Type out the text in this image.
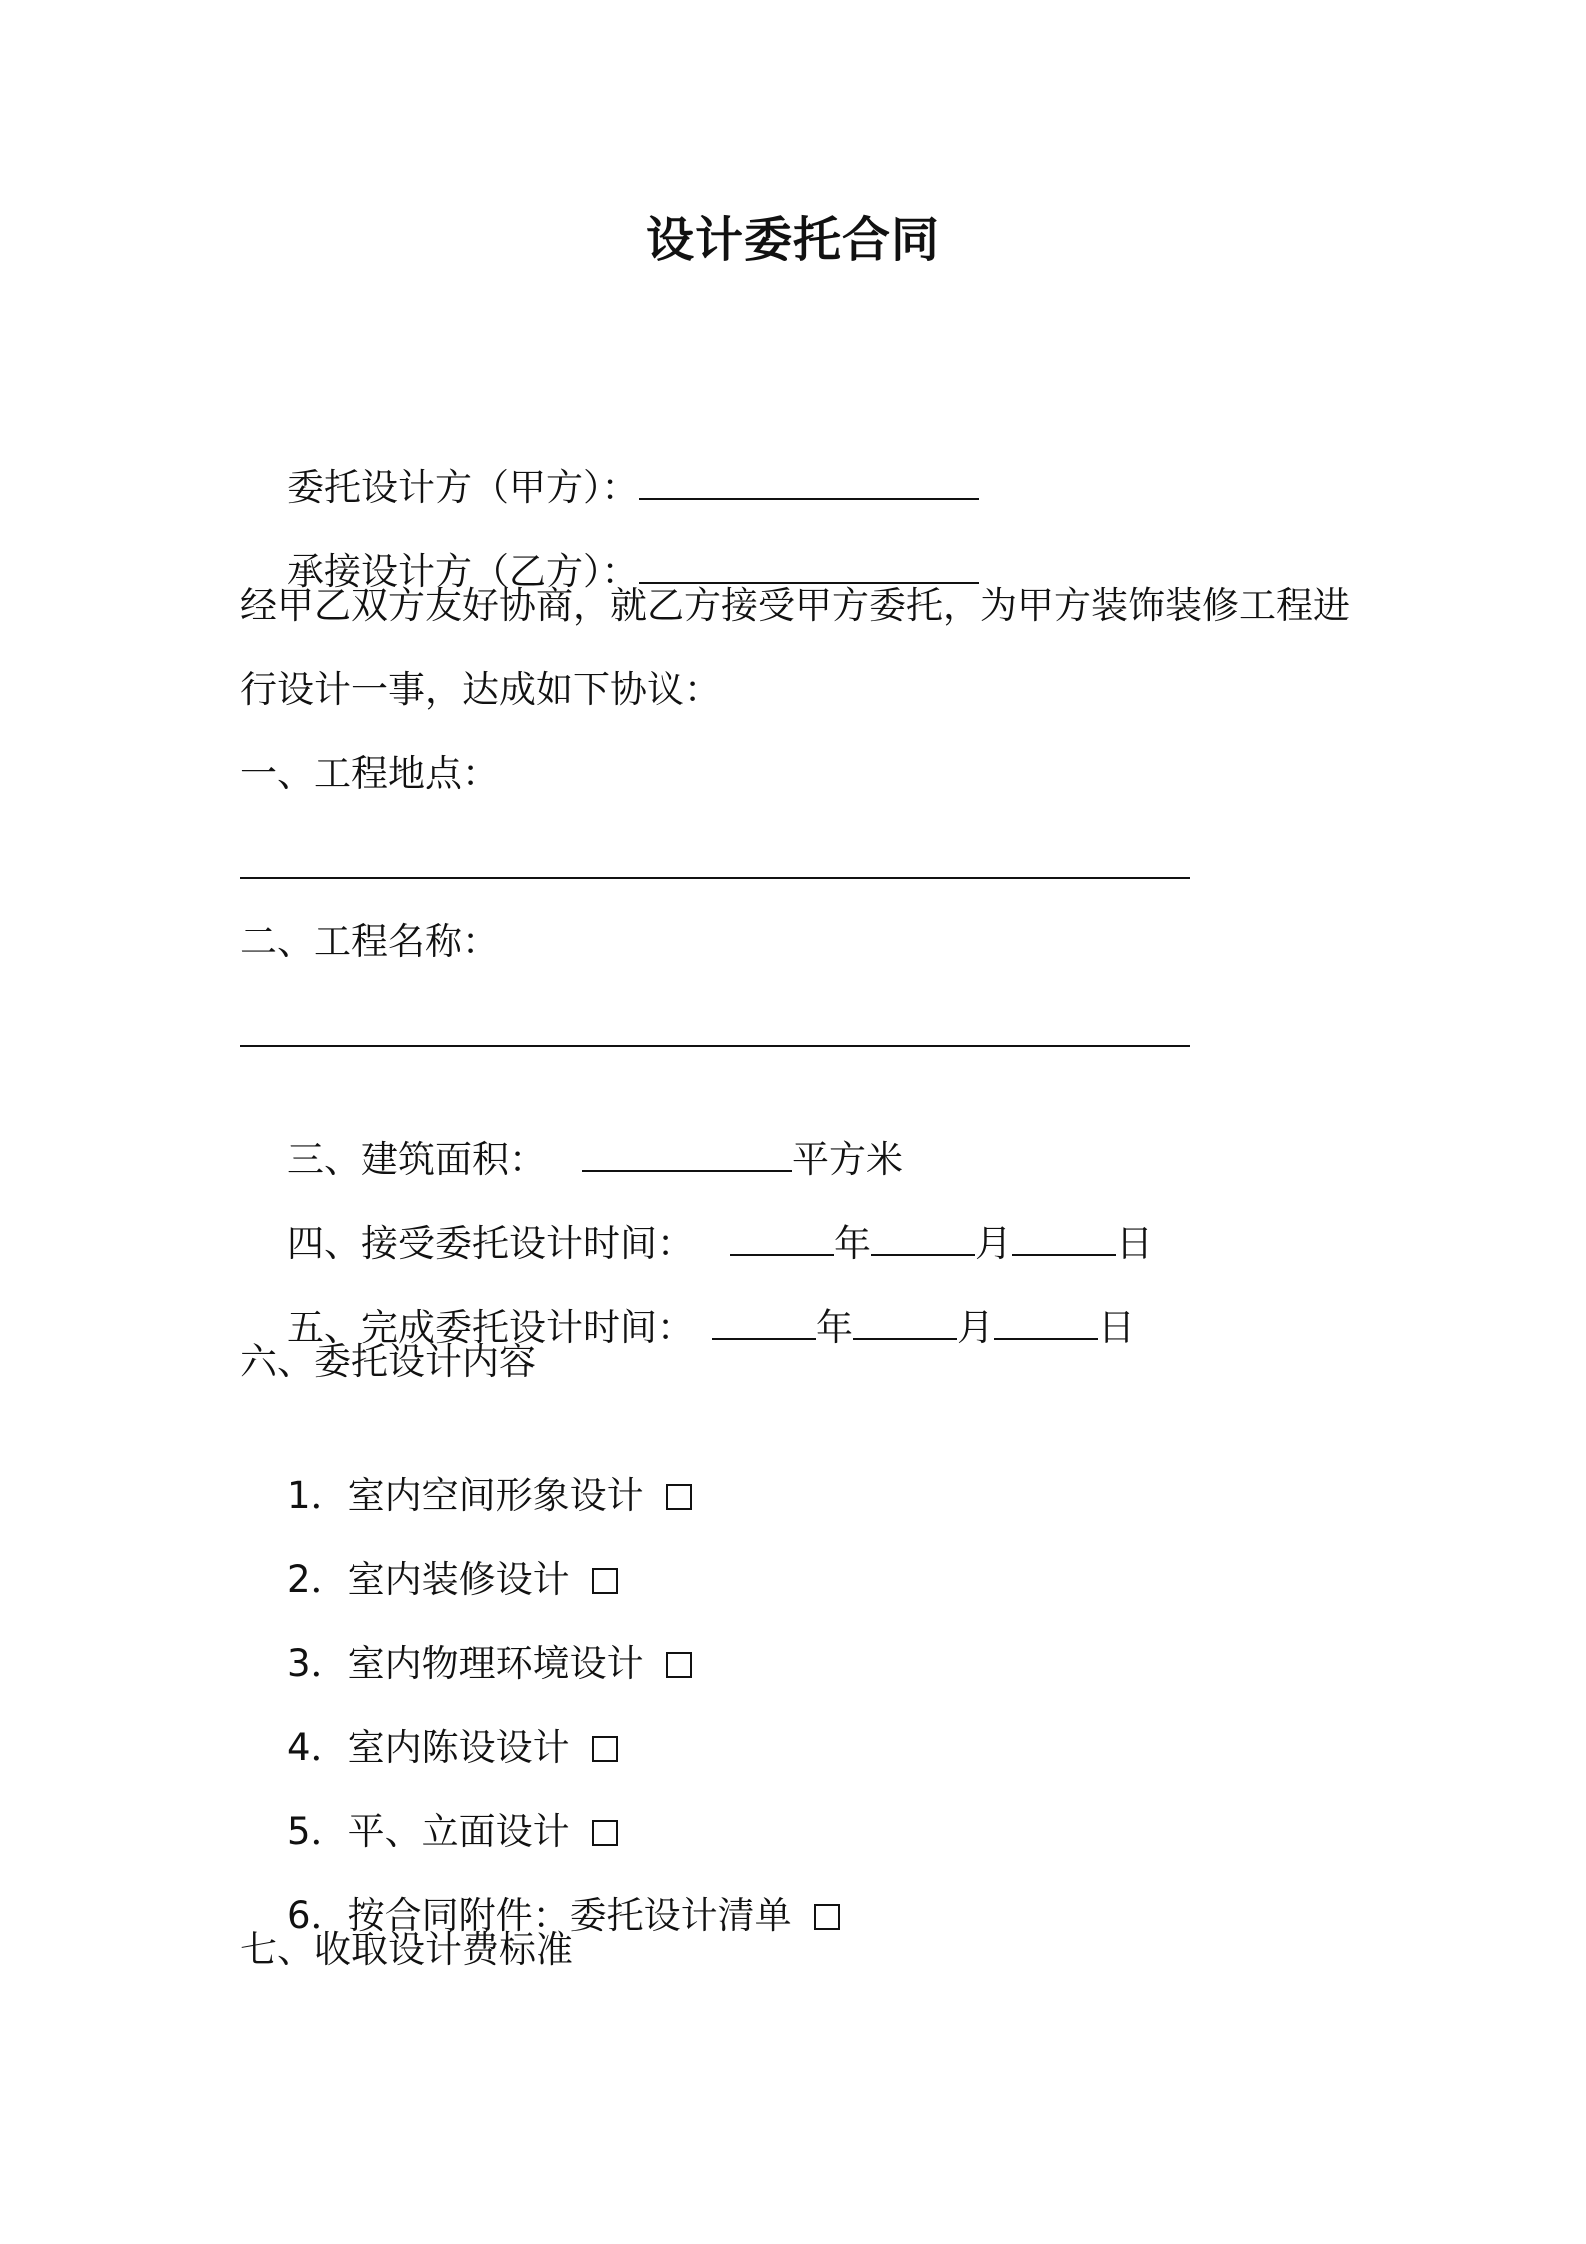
设计委托合同

委托设计方（甲方）：

承接设计方（乙方）：

经甲乙双方友好协商，就乙方接受甲方委托，为甲方装饰装修工程进
行设计一事，达成如下协议：
一、工程地点：
二、工程名称：

三、建筑面积：	平方米

四、接受委托设计时间：	年	月	日

五、完成委托设计时间：	年	月	日

六、委托设计内容

1．室内空间形象设计

2．室内装修设计

3．室内物理环境设计

4．室内陈设设计

5．平、立面设计

6．按合同附件：委托设计清单

七、收取设计费标准
